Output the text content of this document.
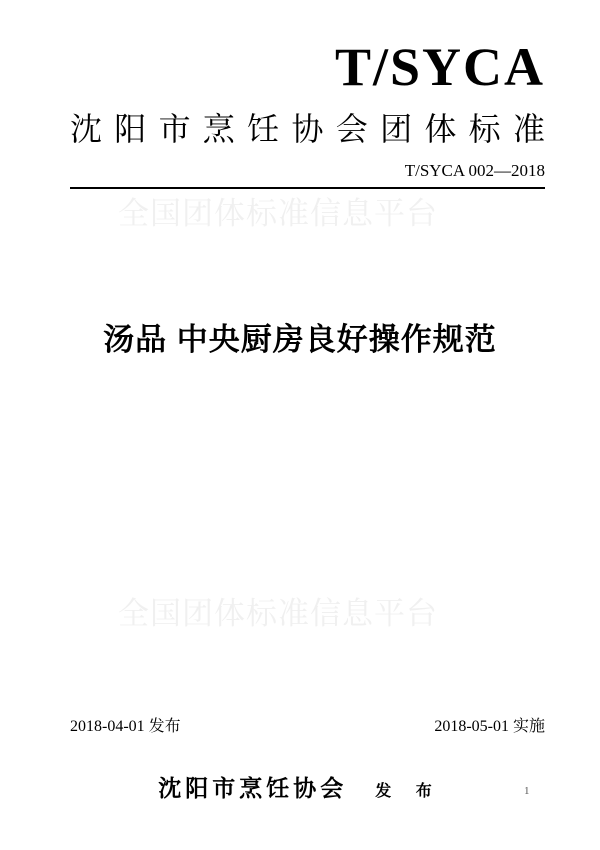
T/SYCA
沈阳市烹饪协会团体标准
T/SYCA 002—2018
全国团体标准信息平台
汤品 中央厨房良好操作规范
全国团体标准信息平台
2018-04-01 发布	2018-05-01 实施
沈阳市烹饪协会 发 布	1
